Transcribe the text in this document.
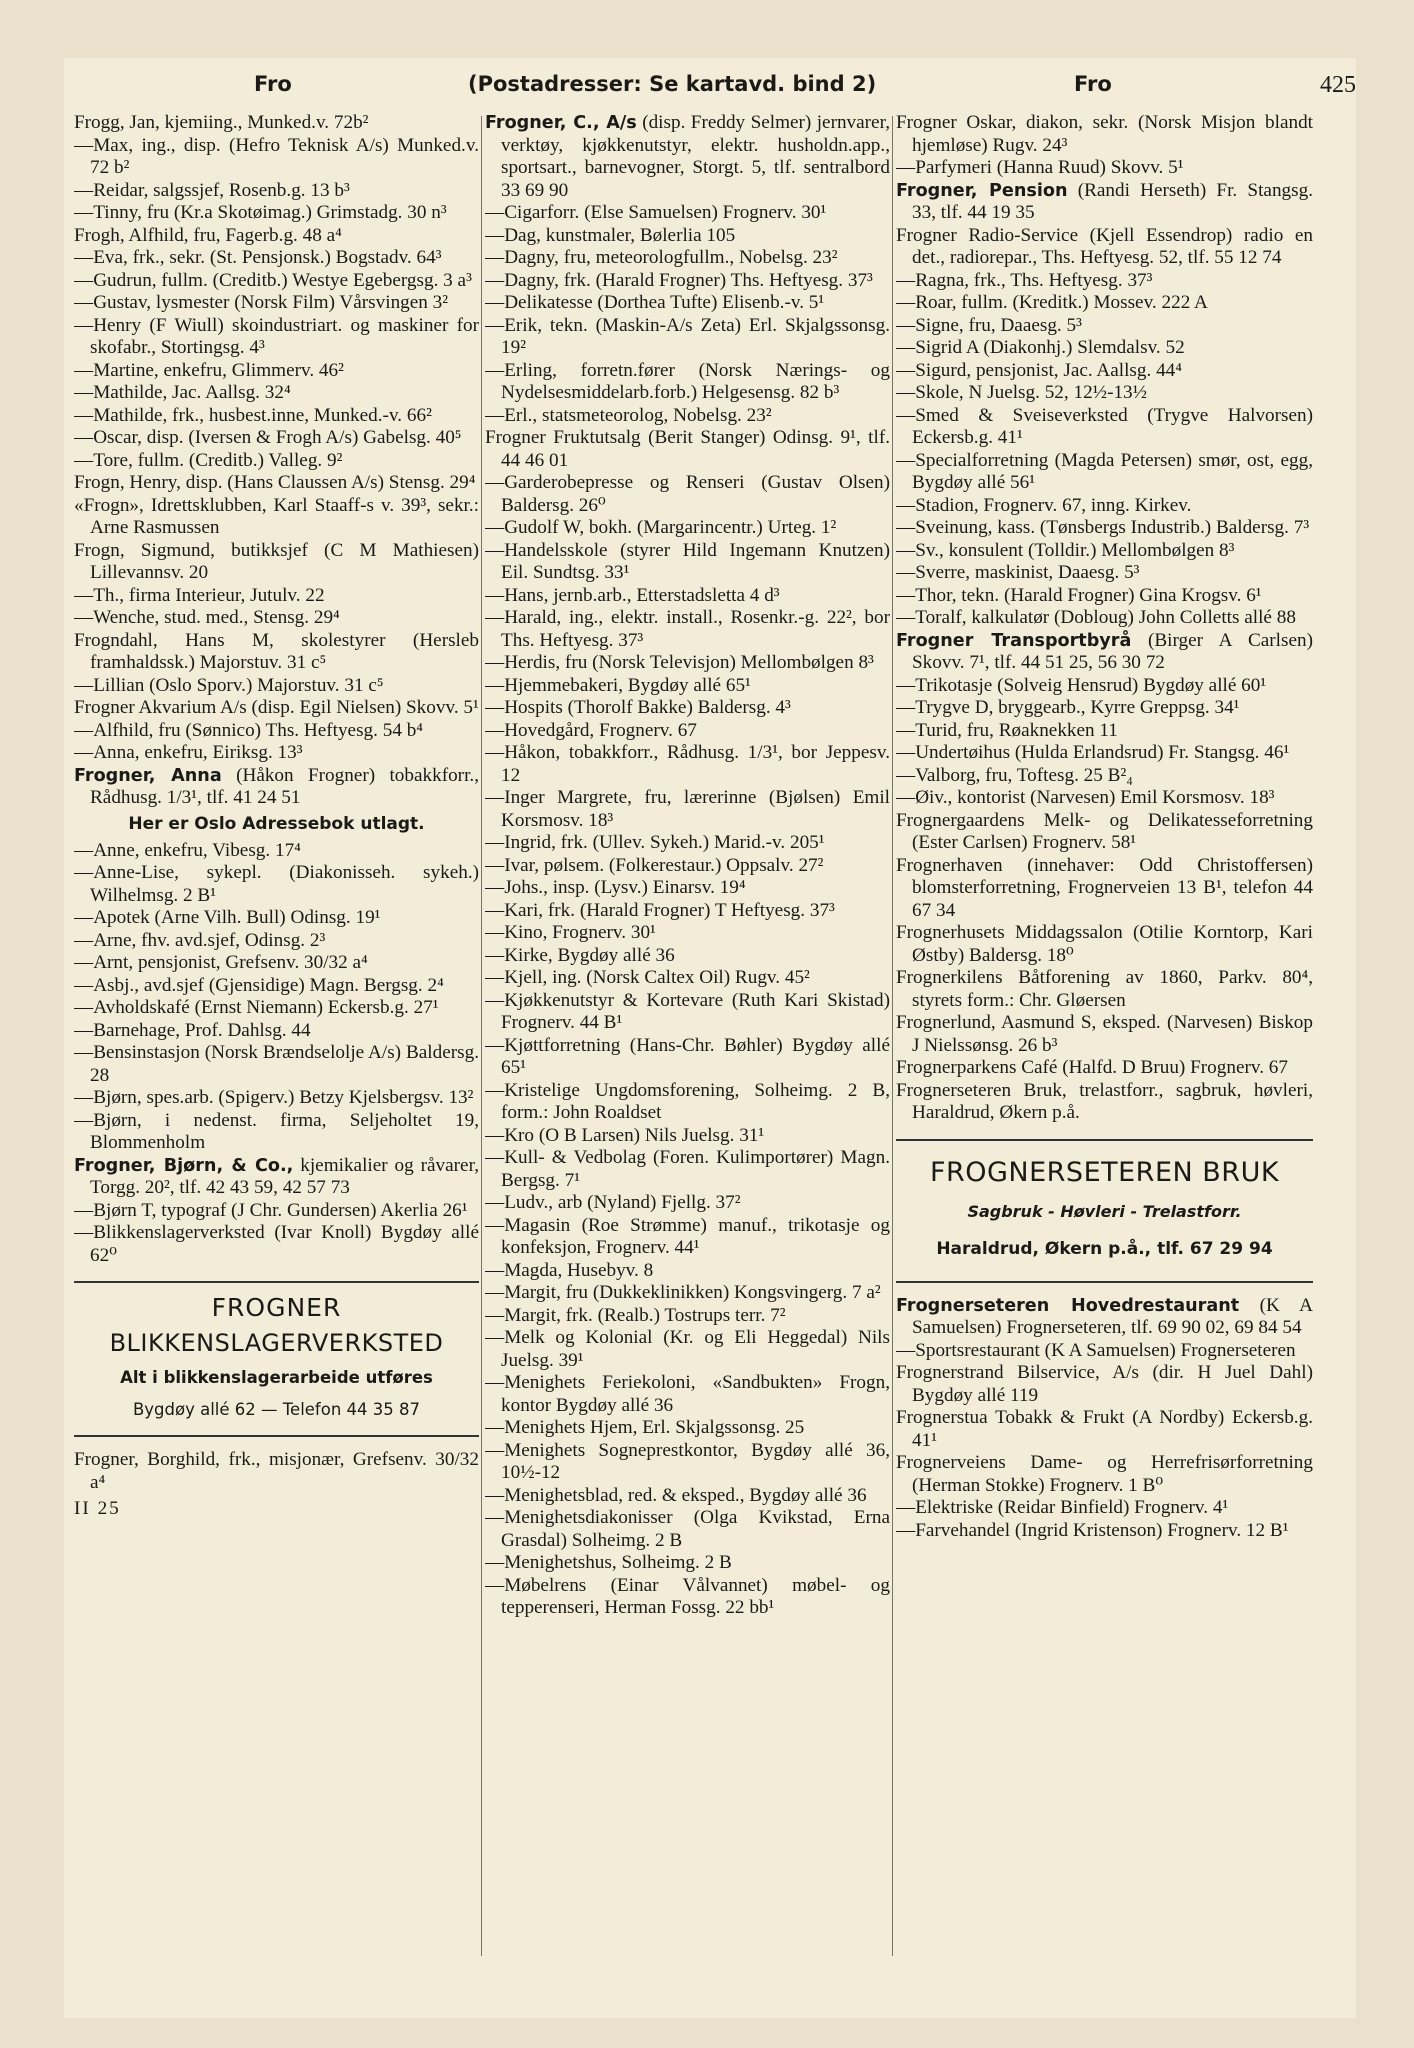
Fro	(Postadresser: Se kartavd. bind 2)	Fro	425

Frogg, Jan, kjemiing., Munked.v. 72b²

—Max, ing., disp. (Hefro Teknisk A/s) Munked.v. 72 b²

—Reidar, salgssjef, Rosenb.g. 13 b³

—Tinny, fru (Kr.a Skotøimag.) Grimstadg. 30 n³

Frogh, Alfhild, fru, Fagerb.g. 48 a⁴

—Eva, frk., sekr. (St. Pensjonsk.) Bogstadv. 64³

—Gudrun, fullm. (Creditb.) Westye Egebergsg. 3 a³

—Gustav, lysmester (Norsk Film) Vårsvingen 3²

—Henry (F Wiull) skoindustriart. og maskiner for skofabr., Stortingsg. 4³

—Martine, enkefru, Glimmerv. 46²

—Mathilde, Jac. Aallsg. 32⁴

—Mathilde, frk., husbest.inne, Munked.-v. 66²

—Oscar, disp. (Iversen & Frogh A/s) Gabelsg. 40⁵

—Tore, fullm. (Creditb.) Valleg. 9²

Frogn, Henry, disp. (Hans Claussen A/s) Stensg. 29⁴

«Frogn», Idrettsklubben, Karl Staaff-s v. 39³, sekr.: Arne Rasmussen

Frogn, Sigmund, butikksjef (C M Mathiesen) Lillevannsv. 20

—Th., firma Interieur, Jutulv. 22

—Wenche, stud. med., Stensg. 29⁴

Frogndahl, Hans M, skolestyrer (Hersleb framhaldssk.) Majorstuv. 31 c⁵

—Lillian (Oslo Sporv.) Majorstuv. 31 c⁵

Frogner Akvarium A/s (disp. Egil Nielsen) Skovv. 5¹

—Alfhild, fru (Sønnico) Ths. Heftyesg. 54 b⁴

—Anna, enkefru, Eiriksg. 13³

Frogner, Anna (Håkon Frogner) tobakkforr., Rådhusg. 1/3¹, tlf. 41 24 51

Her er Oslo Adressebok utlagt.

—Anne, enkefru, Vibesg. 17⁴

—Anne-Lise, sykepl. (Diakonisseh. sykeh.) Wilhelmsg. 2 B¹

—Apotek (Arne Vilh. Bull) Odinsg. 19¹

—Arne, fhv. avd.sjef, Odinsg. 2³

—Arnt, pensjonist, Grefsenv. 30/32 a⁴

—Asbj., avd.sjef (Gjensidige) Magn. Bergsg. 2⁴

—Avholdskafé (Ernst Niemann) Eckersb.g. 27¹

—Barnehage, Prof. Dahlsg. 44

—Bensinstasjon (Norsk Brændselolje A/s) Baldersg. 28

—Bjørn, spes.arb. (Spigerv.) Betzy Kjelsbergsv. 13²

—Bjørn, i nedenst. firma, Seljeholtet 19, Blommenholm

Frogner, Bjørn, & Co., kjemikalier og råvarer, Torgg. 20², tlf. 42 43 59, 42 57 73

—Bjørn T, typograf (J Chr. Gundersen) Akerlia 26¹

—Blikkenslagerverksted (Ivar Knoll) Bygdøy allé 62⁰

FROGNER
BLIKKENSLAGERVERKSTED
Alt i blikkenslagerarbeide utføres
Bygdøy allé 62 — Telefon 44 35 87

Frogner, Borghild, frk., misjonær, Grefsenv. 30/32 a⁴

II 25

Frogner, C., A/s (disp. Freddy Selmer) jernvarer, verktøy, kjøkkenutstyr, elektr. husholdn.app., sportsart., barnevogner, Storgt. 5, tlf. sentralbord 33 69 90

—Cigarforr. (Else Samuelsen) Frognerv. 30¹

—Dag, kunstmaler, Bølerlia 105

—Dagny, fru, meteorologfullm., Nobelsg. 23²

—Dagny, frk. (Harald Frogner) Ths. Heftyesg. 37³

—Delikatesse (Dorthea Tufte) Elisenb.-v. 5¹

—Erik, tekn. (Maskin-A/s Zeta) Erl. Skjalgssonsg. 19²

—Erling, forretn.fører (Norsk Nærings- og Nydelsesmiddelarb.forb.) Helgesensg. 82 b³

—Erl., statsmeteorolog, Nobelsg. 23²

Frogner Fruktutsalg (Berit Stanger) Odinsg. 9¹, tlf. 44 46 01

—Garderobepresse og Renseri (Gustav Olsen) Baldersg. 26⁰

—Gudolf W, bokh. (Margarincentr.) Urteg. 1²

—Handelsskole (styrer Hild Ingemann Knutzen) Eil. Sundtsg. 33¹

—Hans, jernb.arb., Etterstadsletta 4 d³

—Harald, ing., elektr. install., Rosenkr.-g. 22², bor Ths. Heftyesg. 37³

—Herdis, fru (Norsk Televisjon) Mellombølgen 8³

—Hjemmebakeri, Bygdøy allé 65¹

—Hospits (Thorolf Bakke) Baldersg. 4³

—Hovedgård, Frognerv. 67

—Håkon, tobakkforr., Rådhusg. 1/3¹, bor Jeppesv. 12

—Inger Margrete, fru, lærerinne (Bjølsen) Emil Korsmosv. 18³

—Ingrid, frk. (Ullev. Sykeh.) Marid.-v. 205¹

—Ivar, pølsem. (Folkerestaur.) Oppsalv. 27²

—Johs., insp. (Lysv.) Einarsv. 19⁴

—Kari, frk. (Harald Frogner) T Heftyesg. 37³

—Kino, Frognerv. 30¹

—Kirke, Bygdøy allé 36

—Kjell, ing. (Norsk Caltex Oil) Rugv. 45²

—Kjøkkenutstyr & Kortevare (Ruth Kari Skistad) Frognerv. 44 B¹

—Kjøttforretning (Hans-Chr. Bøhler) Bygdøy allé 65¹

—Kristelige Ungdomsforening, Solheimg. 2 B, form.: John Roaldset

—Kro (O B Larsen) Nils Juelsg. 31¹

—Kull- & Vedbolag (Foren. Kulimportører) Magn. Bergsg. 7¹

—Ludv., arb (Nyland) Fjellg. 37²

—Magasin (Roe Strømme) manuf., trikotasje og konfeksjon, Frognerv. 44¹

—Magda, Husebyv. 8

—Margit, fru (Dukkeklinikken) Kongsvingerg. 7 a²

—Margit, frk. (Realb.) Tostrups terr. 7²

—Melk og Kolonial (Kr. og Eli Heggedal) Nils Juelsg. 39¹

—Menighets Feriekoloni, «Sandbukten» Frogn, kontor Bygdøy allé 36

—Menighets Hjem, Erl. Skjalgssonsg. 25

—Menighets Sogneprestkontor, Bygdøy allé 36, 10½-12

—Menighetsblad, red. & eksped., Bygdøy allé 36

—Menighetsdiakonisser (Olga Kvikstad, Erna Grasdal) Solheimg. 2 B

—Menighetshus, Solheimg. 2 B

—Møbelrens (Einar Vålvannet) møbel- og tepperenseri, Herman Fossg. 22 bb¹

Frogner Oskar, diakon, sekr. (Norsk Misjon blandt hjemløse) Rugv. 24³

—Parfymeri (Hanna Ruud) Skovv. 5¹

Frogner, Pension (Randi Herseth) Fr. Stangsg. 33, tlf. 44 19 35

Frogner Radio-Service (Kjell Essendrop) radio en det., radiorepar., Ths. Heftyesg. 52, tlf. 55 12 74

—Ragna, frk., Ths. Heftyesg. 37³

—Roar, fullm. (Kreditk.) Mossev. 222 A

—Signe, fru, Daaesg. 5³

—Sigrid A (Diakonhj.) Slemdalsv. 52

—Sigurd, pensjonist, Jac. Aallsg. 44⁴

—Skole, N Juelsg. 52, 12½-13½

—Smed & Sveiseverksted (Trygve Halvorsen) Eckersb.g. 41¹

—Specialforretning (Magda Petersen) smør, ost, egg, Bygdøy allé 56¹

—Stadion, Frognerv. 67, inng. Kirkev.

—Sveinung, kass. (Tønsbergs Industrib.) Baldersg. 7³

—Sv., konsulent (Tolldir.) Mellombølgen 8³

—Sverre, maskinist, Daaesg. 5³

—Thor, tekn. (Harald Frogner) Gina Krogsv. 6¹

—Toralf, kalkulatør (Dobloug) John Colletts allé 88

Frogner Transportbyrå (Birger A Carlsen) Skovv. 7¹, tlf. 44 51 25, 56 30 72

—Trikotasje (Solveig Hensrud) Bygdøy allé 60¹

—Trygve D, bryggearb., Kyrre Greppsg. 34¹

—Turid, fru, Røaknekken 11

—Undertøihus (Hulda Erlandsrud) Fr. Stangsg. 46¹

—Valborg, fru, Toftesg. 25 B²₄

—Øiv., kontorist (Narvesen) Emil Korsmosv. 18³

Frognergaardens Melk- og Delikatesseforretning (Ester Carlsen) Frognerv. 58¹

Frognerhaven (innehaver: Odd Christoffersen) blomsterforretning, Frognerveien 13 B¹, telefon 44 67 34

Frognerhusets Middagssalon (Otilie Korntorp, Kari Østby) Baldersg. 18⁰

Frognerkilens Båtforening av 1860, Parkv. 80⁴, styrets form.: Chr. Gløersen

Frognerlund, Aasmund S, eksped. (Narvesen) Biskop J Nielssønsg. 26 b³

Frognerparkens Café (Halfd. D Bruu) Frognerv. 67

Frognerseteren Bruk, trelastforr., sagbruk, høvleri, Haraldrud, Økern p.å.

FROGNERSETEREN BRUK
Sagbruk - Høvleri - Trelastforr.
Haraldrud, Økern p.å., tlf. 67 29 94

Frognerseteren Hovedrestaurant (K A Samuelsen) Frognerseteren, tlf. 69 90 02, 69 84 54

—Sportsrestaurant (K A Samuelsen) Frognerseteren

Frognerstrand Bilservice, A/s (dir. H Juel Dahl) Bygdøy allé 119

Frognerstua Tobakk & Frukt (A Nordby) Eckersb.g. 41¹

Frognerveiens Dame- og Herrefrisørforretning (Herman Stokke) Frognerv. 1 B⁰

—Elektriske (Reidar Binfield) Frognerv. 4¹

—Farvehandel (Ingrid Kristenson) Frognerv. 12 B¹
